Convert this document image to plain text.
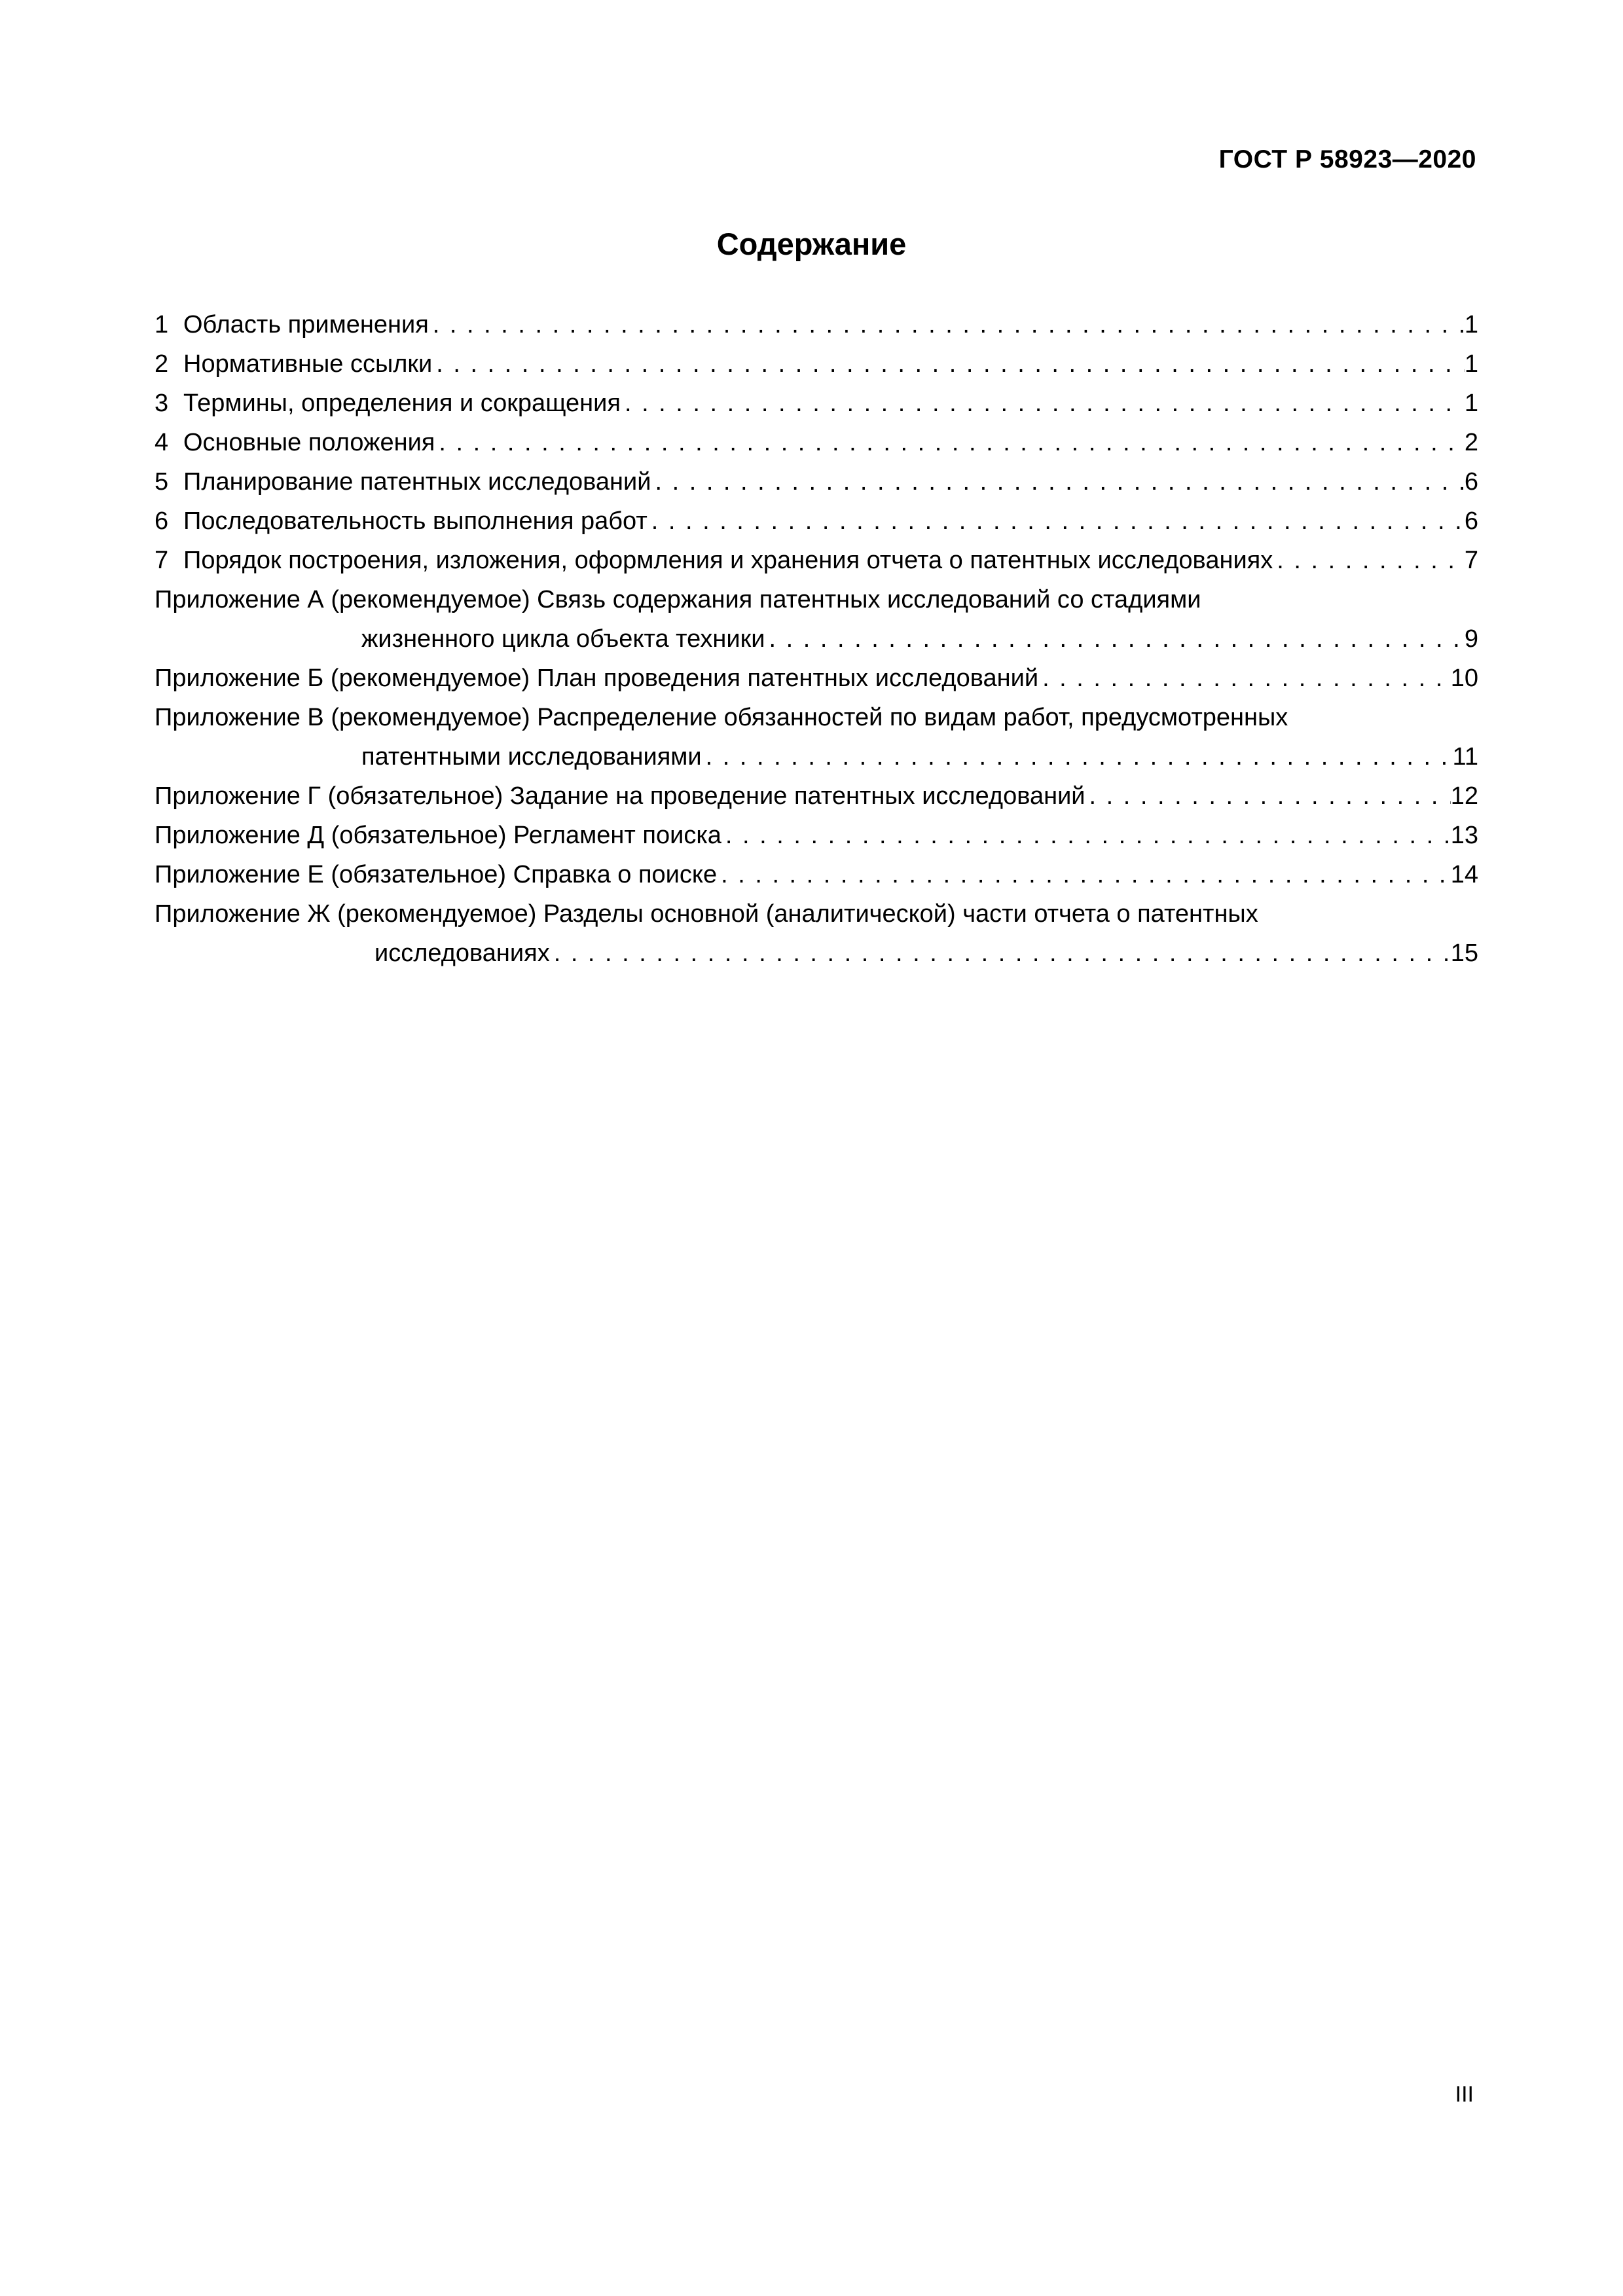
ГОСТ Р 58923—2020
Содержание
1 Область применения . . .	1
2 Нормативные ссылки . . .	1
3 Термины, определения и сокращения . . .	1
4 Основные положения . . .	2
5 Планирование патентных исследований . . .	6
6 Последовательность выполнения работ . . .	6
7 Порядок построения, изложения, оформления и хранения отчета о патентных исследованиях . . .	7
Приложение А (рекомендуемое) Связь содержания патентных исследований со стадиями
жизненного цикла объекта техники . . .	9
Приложение Б (рекомендуемое) План проведения патентных исследований . . .	10
Приложение В (рекомендуемое) Распределение обязанностей по видам работ, предусмотренных
патентными исследованиями . . .	11
Приложение Г (обязательное) Задание на проведение патентных исследований . . .	12
Приложение Д (обязательное) Регламент поиска . . .	13
Приложение Е (обязательное) Справка о поиске . . .	14
Приложение Ж (рекомендуемое) Разделы основной (аналитической) части отчета о патентных
исследованиях . . .	15
III
